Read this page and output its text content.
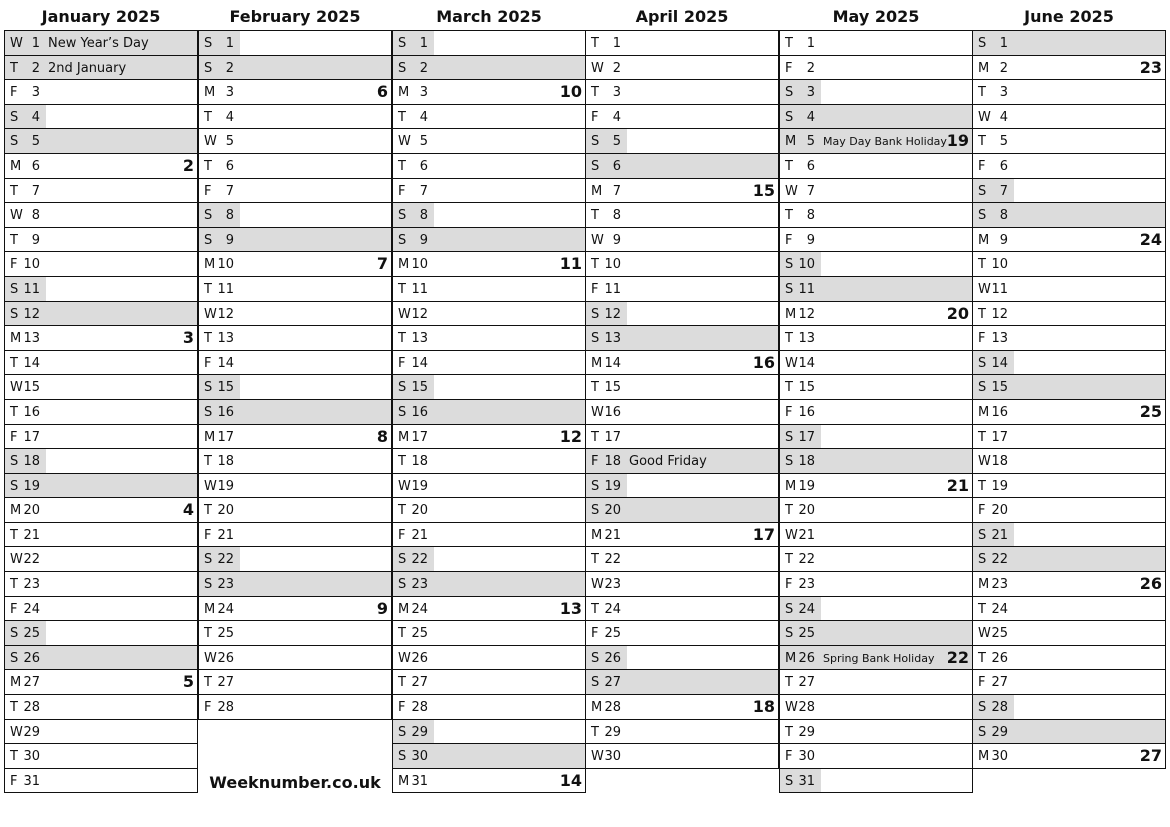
January 2025
W 1 New Year’s Day
T	2 2nd January
F	3
S	4
S	5
M 6	2
T	7
W 8
T	9
F 10
S 11
S 12
M 13	3
T 14
W 15
T 16
F 17
S 18
S 19
M 20	4
T 21
W 22
T 23
F 24
S 25
S 26
M 27	5
T 28
W 29
T 30
F 31
February 2025
S	1
S	2
M 3	6
T	4
W 5
T	6
F	7
S	8
S	9
M 10	7
T 11
W 12
T 13
F 14
S 15
S 16
M 17	8
T 18
W 19
T 20
F 21
S 22
S 23
M 24	9
T 25
W 26
T 27
F 28
March 2025
S	1
S	2
M 3	10
T	4
W 5
T	6
F	7
S	8
S	9
M 10	11
T 11
W 12
T 13
F 14
S 15
S 16
M 17	12
T 18
W 19
T 20
F 21
S 22
S 23
M 24	13
T 25
W 26
T 27
F 28
S 29
S 30
M 31	14
April 2025
T	1
W 2
T	3
F	4
S	5
S	6
M 7	15
T	8
W 9
T 10
F 11
S 12
S 13
M 14	16
T 15
W 16
T 17
F 18 Good Friday
S 19
S 20
M 21	17
T 22
W 23
T 24
F 25
S 26
S 27
M 28	18
T 29
W 30
May 2025
T	1
F	2
S	3
S	4
M 5 May Day Bank Holiday 19
T	6
W 7
T	8
F	9
S 10
S 11
M 12	20
T 13
W 14
T 15
F 16
S 17
S 18
M 19	21
T 20
W 21
T 22
F 23
S 24
S 25
M 26 Spring Bank Holiday 22
T 27
W 28
T 29
F 30
S 31
June 2025
S	1
M 2	23
T	3
W 4
T	5
F	6
S	7
S	8
M 9	24
T 10
W 11
T 12
F 13
S 14
S 15
M 16	25
T 17
W 18
T 19
F 20
S 21
S 22
M 23	26
T 24
W 25
T 26
F 27
S 28
S 29
M 30	27
Weeknumber.co.uk
